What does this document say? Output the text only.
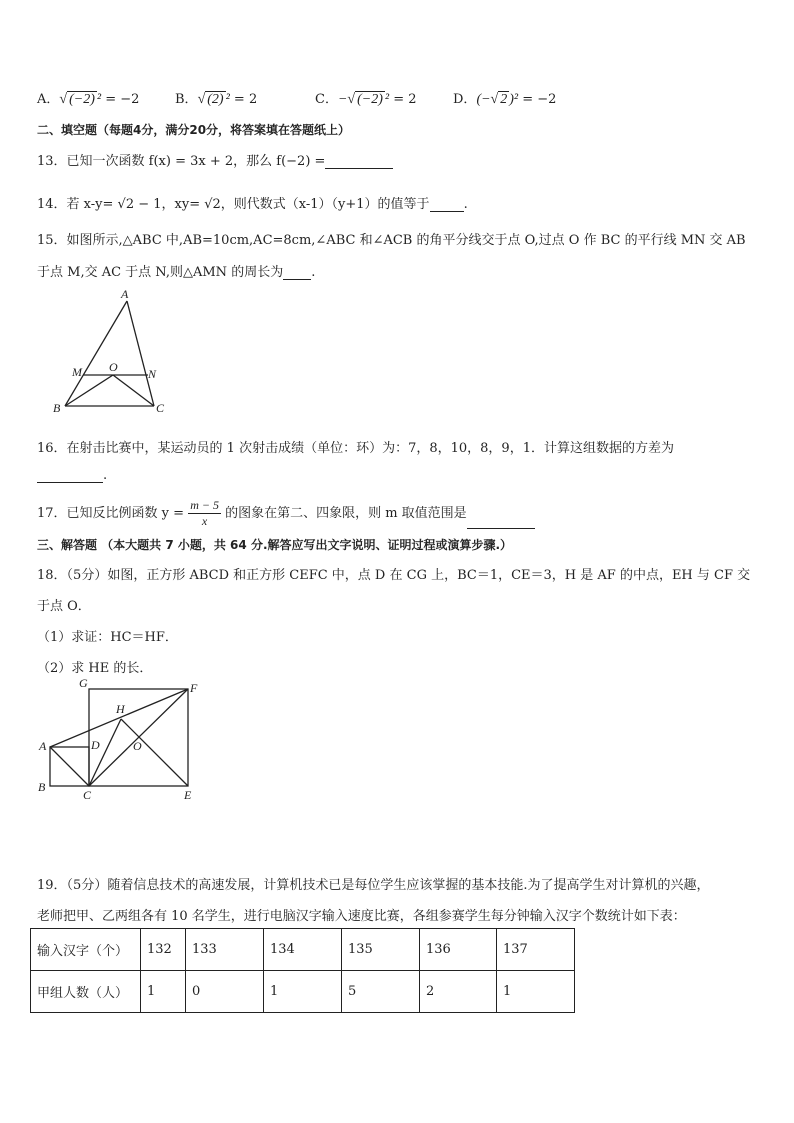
A．√ (−2) ² = −2	B．√ (2) ² = 2	C．−√ (−2) ² = 2	D．(−√ 2 )² = −2
二、填空题（每题4分，满分20分，将答案填在答题纸上）
13．已知一次函数 f(x) = 3x + 2，那么 f(−2) =
14．若 x-y= √2 − 1，xy= √2，则代数式（x-1）（y+1）的值等于	.
15．如图所示,△ABC 中,AB=10cm,AC=8cm,∠ABC 和∠ACB 的角平分线交于点 O,过点 O 作 BC 的平行线 MN 交 AB
于点 M,交 AC 于点 N,则△AMN 的周长为 .
A
M O	N
B	C
16．在射击比赛中，某运动员的 1 次射击成绩（单位：环）为：7，8，10，8，9，1．计算这组数据的方差为
.
17．已知反比例函数 $y = \frac{m - 5}{x}$ 的图象在第二、四象限，则 m 取值范围是
三、解答题 （本大题共 7 小题，共 64 分.解答应写出文字说明、证明过程或演算步骤.）
18．（5分）如图，正方形 ABCD 和正方形 CEFC 中，点 D 在 CG 上，BC＝1，CE＝3，H 是 AF 的中点，EH 与 CF 交
于点 O．
（1）求证：HC＝HF．
（2）求 HE 的长．
G	F
H
A	D	O
B
C	E
19．（5分）随着信息技术的高速发展，计算机技术已是每位学生应该掌握的基本技能.为了提高学生对计算机的兴趣，
老师把甲、乙两组各有 10 名学生，进行电脑汉字输入速度比赛，各组参赛学生每分钟输入汉字个数统计如下表：
输入汉字（个）	132	133	134	135	136	137
甲组人数（人）	1	0	1	5	2	1
